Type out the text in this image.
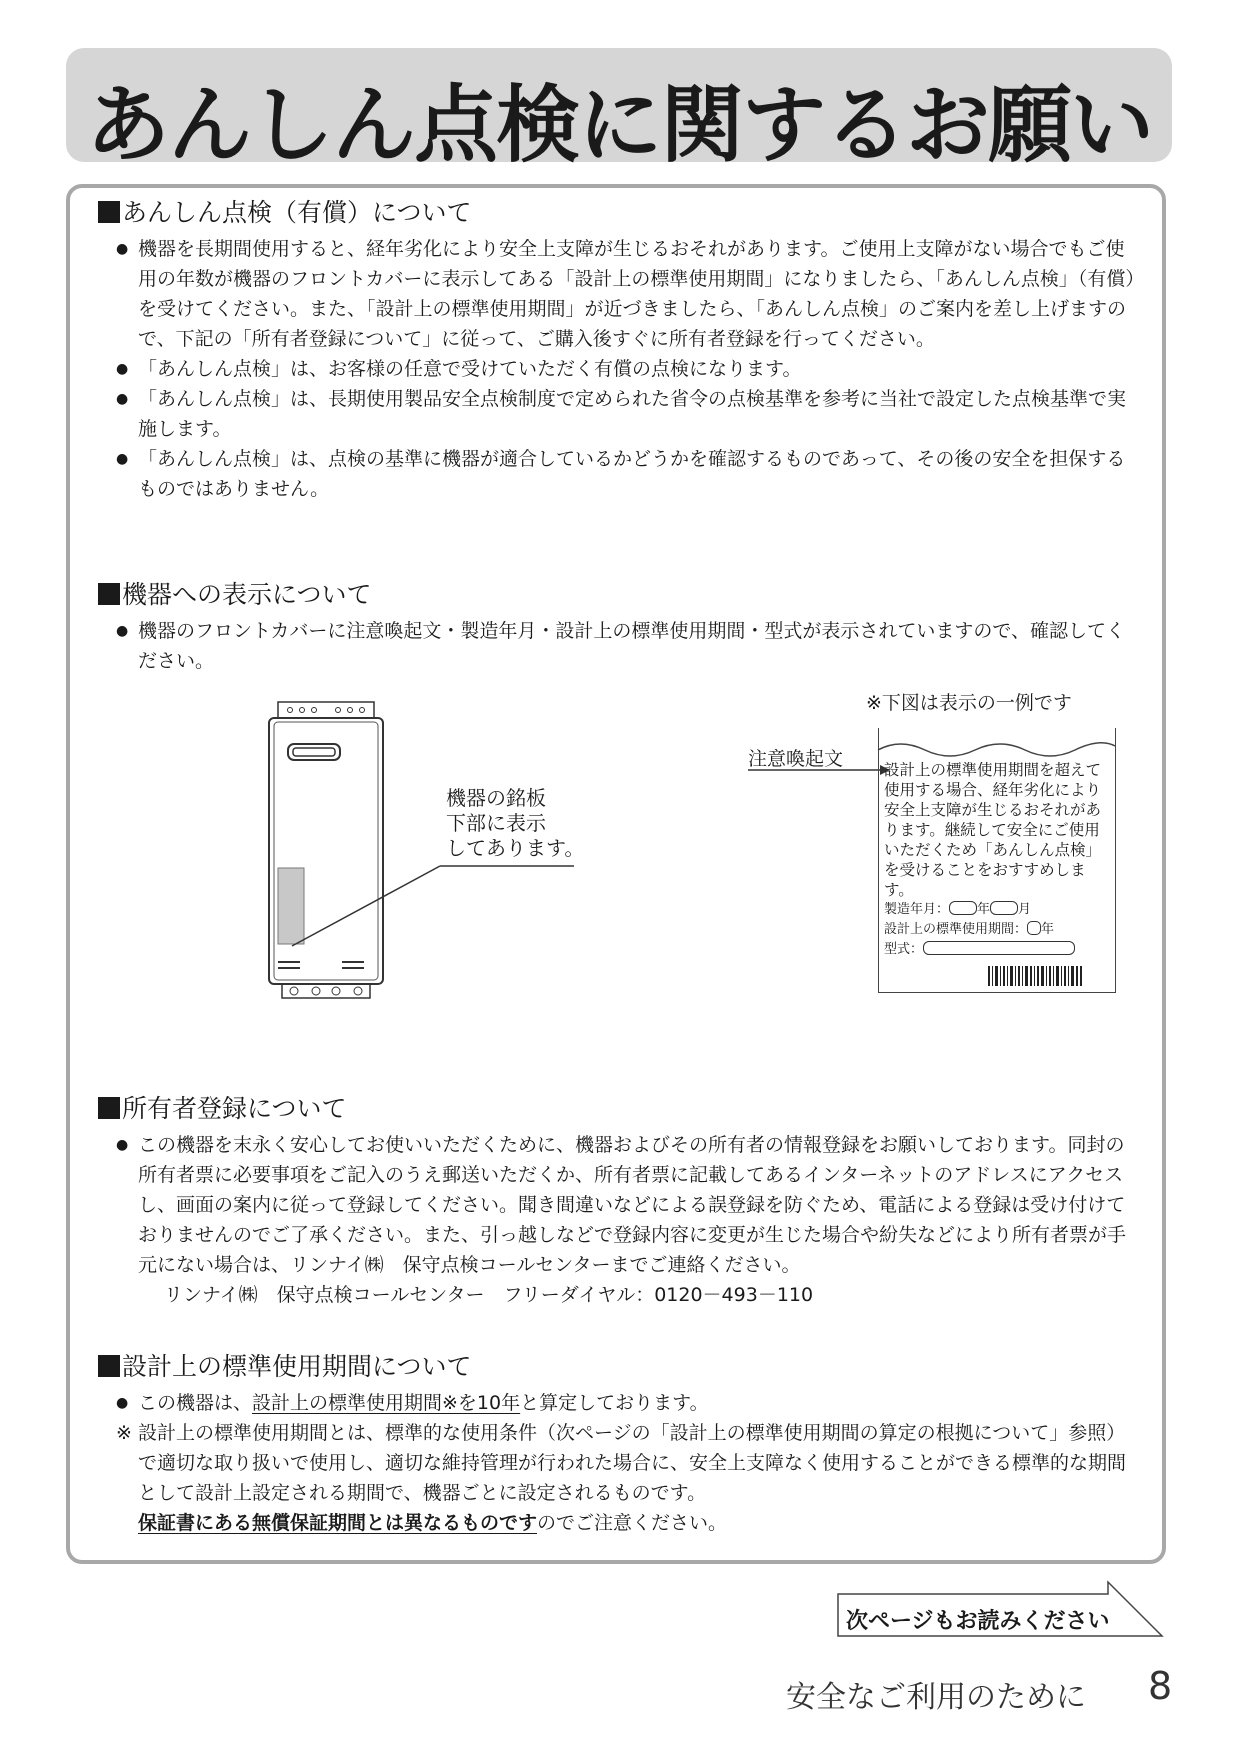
あんしん点検に関するお願い
あんしん点検（有償）について
● 機器を長期間使用すると、経年劣化により安全上支障が生じるおそれがあります。ご使用上支障がない場合でもご使用の年数が機器のフロントカバーに表示してある「設計上の標準使用期間」になりましたら、「あんしん点検」（有償）を受けてください。また、「設計上の標準使用期間」が近づきましたら、「あんしん点検」のご案内を差し上げますので、下記の「所有者登録について」に従って、ご購入後すぐに所有者登録を行ってください。
● 「あんしん点検」は、お客様の任意で受けていただく有償の点検になります。
● 「あんしん点検」は、長期使用製品安全点検制度で定められた省令の点検基準を参考に当社で設定した点検基準で実施します。
● 「あんしん点検」は、点検の基準に機器が適合しているかどうかを確認するものであって、その後の安全を担保するものではありません。
機器への表示について
● 機器のフロントカバーに注意喚起文・製造年月・設計上の標準使用期間・型式が表示されていますので、確認してください。
機器の銘板
下部に表示
してあります。
※下図は表示の一例です
注意喚起文	設計上の標準使用期間を超えて使用する場合、経年劣化により安全上支障が生じるおそれがあります。継続して安全にご使用いただくため「あんしん点検」を受けることをおすすめします。
製造年月： 年 月
設計上の標準使用期間： 年
型式：
所有者登録について
● この機器を末永く安心してお使いいただくために、機器およびその所有者の情報登録をお願いしております。同封の所有者票に必要事項をご記入のうえ郵送いただくか、所有者票に記載してあるインターネットのアドレスにアクセスし、画面の案内に従って登録してください。聞き間違いなどによる誤登録を防ぐため、電話による登録は受け付けておりませんのでご了承ください。また、引っ越しなどで登録内容に変更が生じた場合や紛失などにより所有者票が手元にない場合は、リンナイ㈱　保守点検コールセンターまでご連絡ください。
リンナイ㈱　保守点検コールセンター　フリーダイヤル：0120－493－110
設計上の標準使用期間について
● この機器は、設計上の標準使用期間※を10年と算定しております。
※ 設計上の標準使用期間とは、標準的な使用条件（次ページの「設計上の標準使用期間の算定の根拠について」参照）で適切な取り扱いで使用し、適切な維持管理が行われた場合に、安全上支障なく使用することができる標準的な期間として設計上設定される期間で、機器ごとに設定されるものです。
保証書にある無償保証期間とは異なるものですのでご注意ください。
次ページもお読みください
安全なご利用のために 8
